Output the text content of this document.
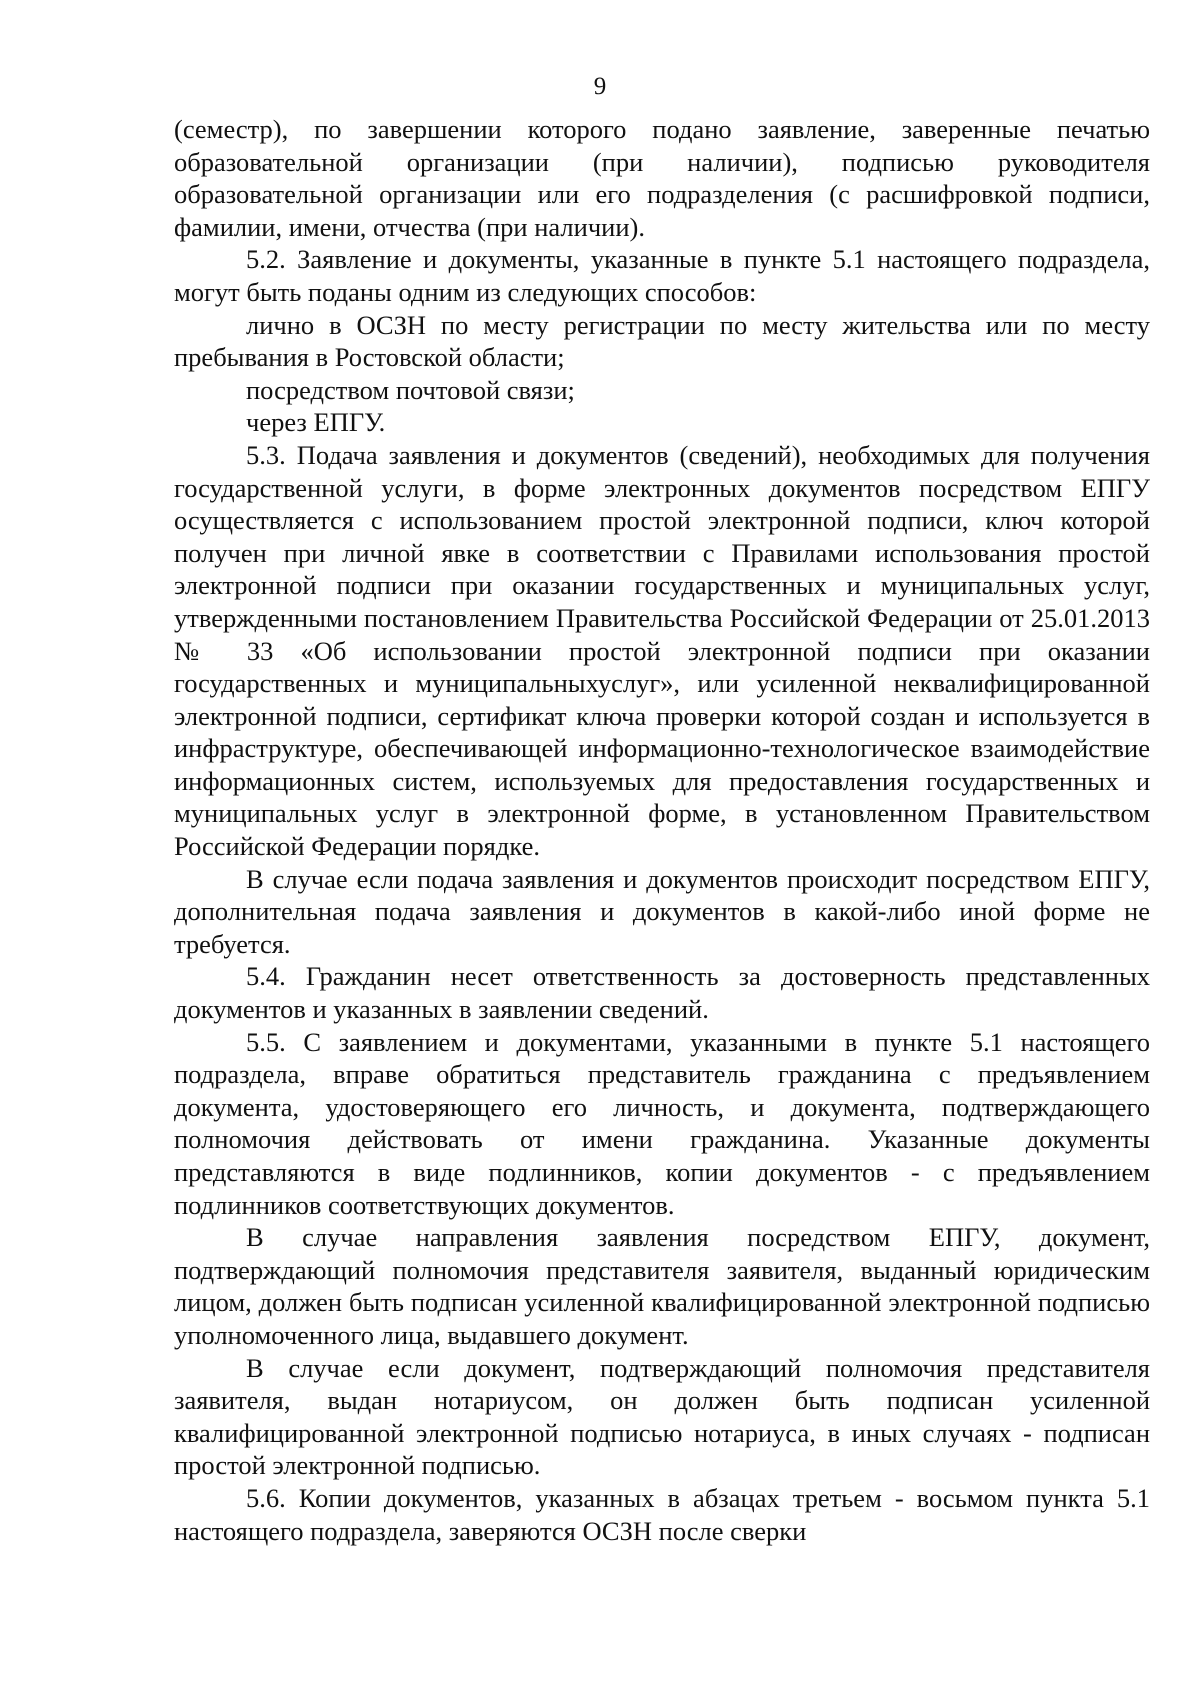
9

(семестр), по завершении которого подано заявление, заверенные печатью образовательной организации (при наличии), подписью руководителя образовательной организации или его подразделения (с расшифровкой подписи, фамилии, имени, отчества (при наличии).

5.2. Заявление и документы, указанные в пункте 5.1 настоящего подраздела, могут быть поданы одним из следующих способов:

лично в ОСЗН по месту регистрации по месту жительства или по месту пребывания в Ростовской области;

посредством почтовой связи;

через ЕПГУ.

5.3. Подача заявления и документов (сведений), необходимых для получения государственной услуги, в форме электронных документов посредством ЕПГУ осуществляется с использованием простой электронной подписи, ключ которой получен при личной явке в соответствии с Правилами использования простой электронной подписи при оказании государственных и муниципальных услуг, утвержденными постановлением Правительства Российской Федерации от 25.01.2013 № 33 «Об использовании простой электронной подписи при оказании государственных и муниципальныхуслуг», или усиленной неквалифицированной электронной подписи, сертификат ключа проверки которой создан и используется в инфраструктуре, обеспечивающей информационно-технологическое взаимодействие информационных систем, используемых для предоставления государственных и муниципальных услуг в электронной форме, в установленном Правительством Российской Федерации порядке.

В случае если подача заявления и документов происходит посредством ЕПГУ, дополнительная подача заявления и документов в какой-либо иной форме не требуется.

5.4. Гражданин несет ответственность за достоверность представленных документов и указанных в заявлении сведений.

5.5. С заявлением и документами, указанными в пункте 5.1 настоящего подраздела, вправе обратиться представитель гражданина с предъявлением документа, удостоверяющего его личность, и документа, подтверждающего полномочия действовать от имени гражданина. Указанные документы представляются в виде подлинников, копии документов - с предъявлением подлинников соответствующих документов.

В случае направления заявления посредством ЕПГУ, документ, подтверждающий полномочия представителя заявителя, выданный юридическим лицом, должен быть подписан усиленной квалифицированной электронной подписью уполномоченного лица, выдавшего документ.

В случае если документ, подтверждающий полномочия представителя заявителя, выдан нотариусом, он должен быть подписан усиленной квалифицированной электронной подписью нотариуса, в иных случаях - подписан простой электронной подписью.

5.6. Копии документов, указанных в абзацах третьем - восьмом пункта 5.1 настоящего подраздела, заверяются ОСЗН после сверки
